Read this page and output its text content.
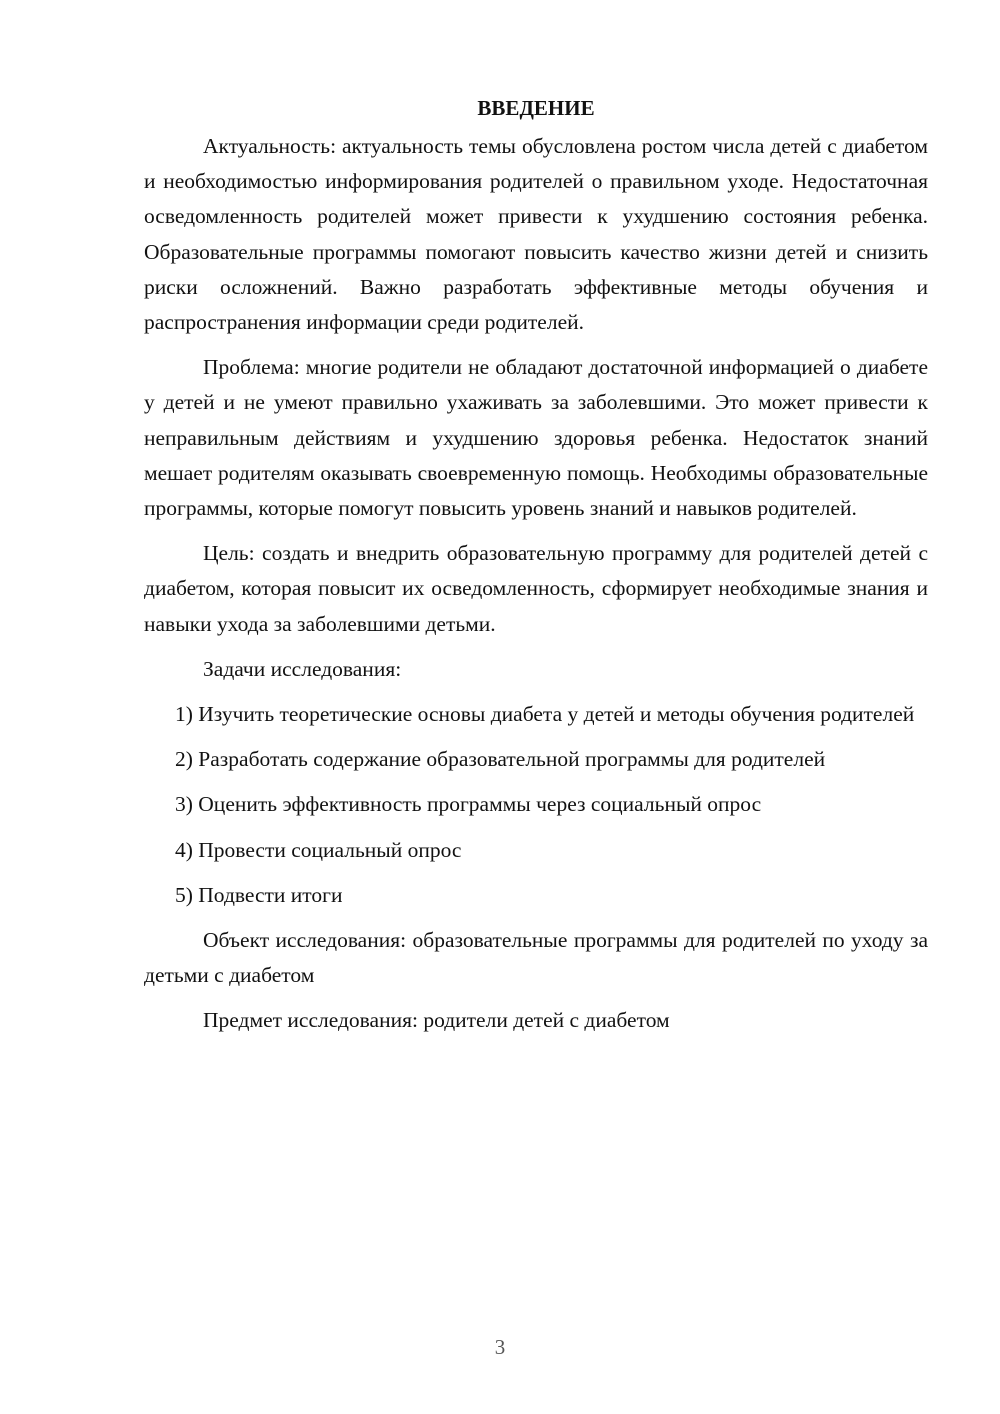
ВВЕДЕНИЕ

Актуальность: актуальность темы обусловлена ростом числа детей с диабетом и необходимостью информирования родителей о правильном уходе. Недостаточная осведомленность родителей может привести к ухудшению состояния ребенка. Образовательные программы помогают повысить качество жизни детей и снизить риски осложнений. Важно разработать эффективные методы обучения и распространения информации среди родителей.

Проблема: многие родители не обладают достаточной информацией о диабете у детей и не умеют правильно ухаживать за заболевшими. Это может привести к неправильным действиям и ухудшению здоровья ребенка. Недостаток знаний мешает родителям оказывать своевременную помощь. Необходимы образовательные программы, которые помогут повысить уровень знаний и навыков родителей.

Цель: создать и внедрить образовательную программу для родителей детей с диабетом, которая повысит их осведомленность, сформирует необходимые знания и навыки ухода за заболевшими детьми.

Задачи исследования:

1) Изучить теоретические основы диабета у детей и методы обучения родителей

2) Разработать содержание образовательной программы для родителей

3) Оценить эффективность программы через социальный опрос

4) Провести социальный опрос

5) Подвести итоги

Объект исследования: образовательные программы для родителей по уходу за детьми с диабетом

Предмет исследования: родители детей с диабетом

3
